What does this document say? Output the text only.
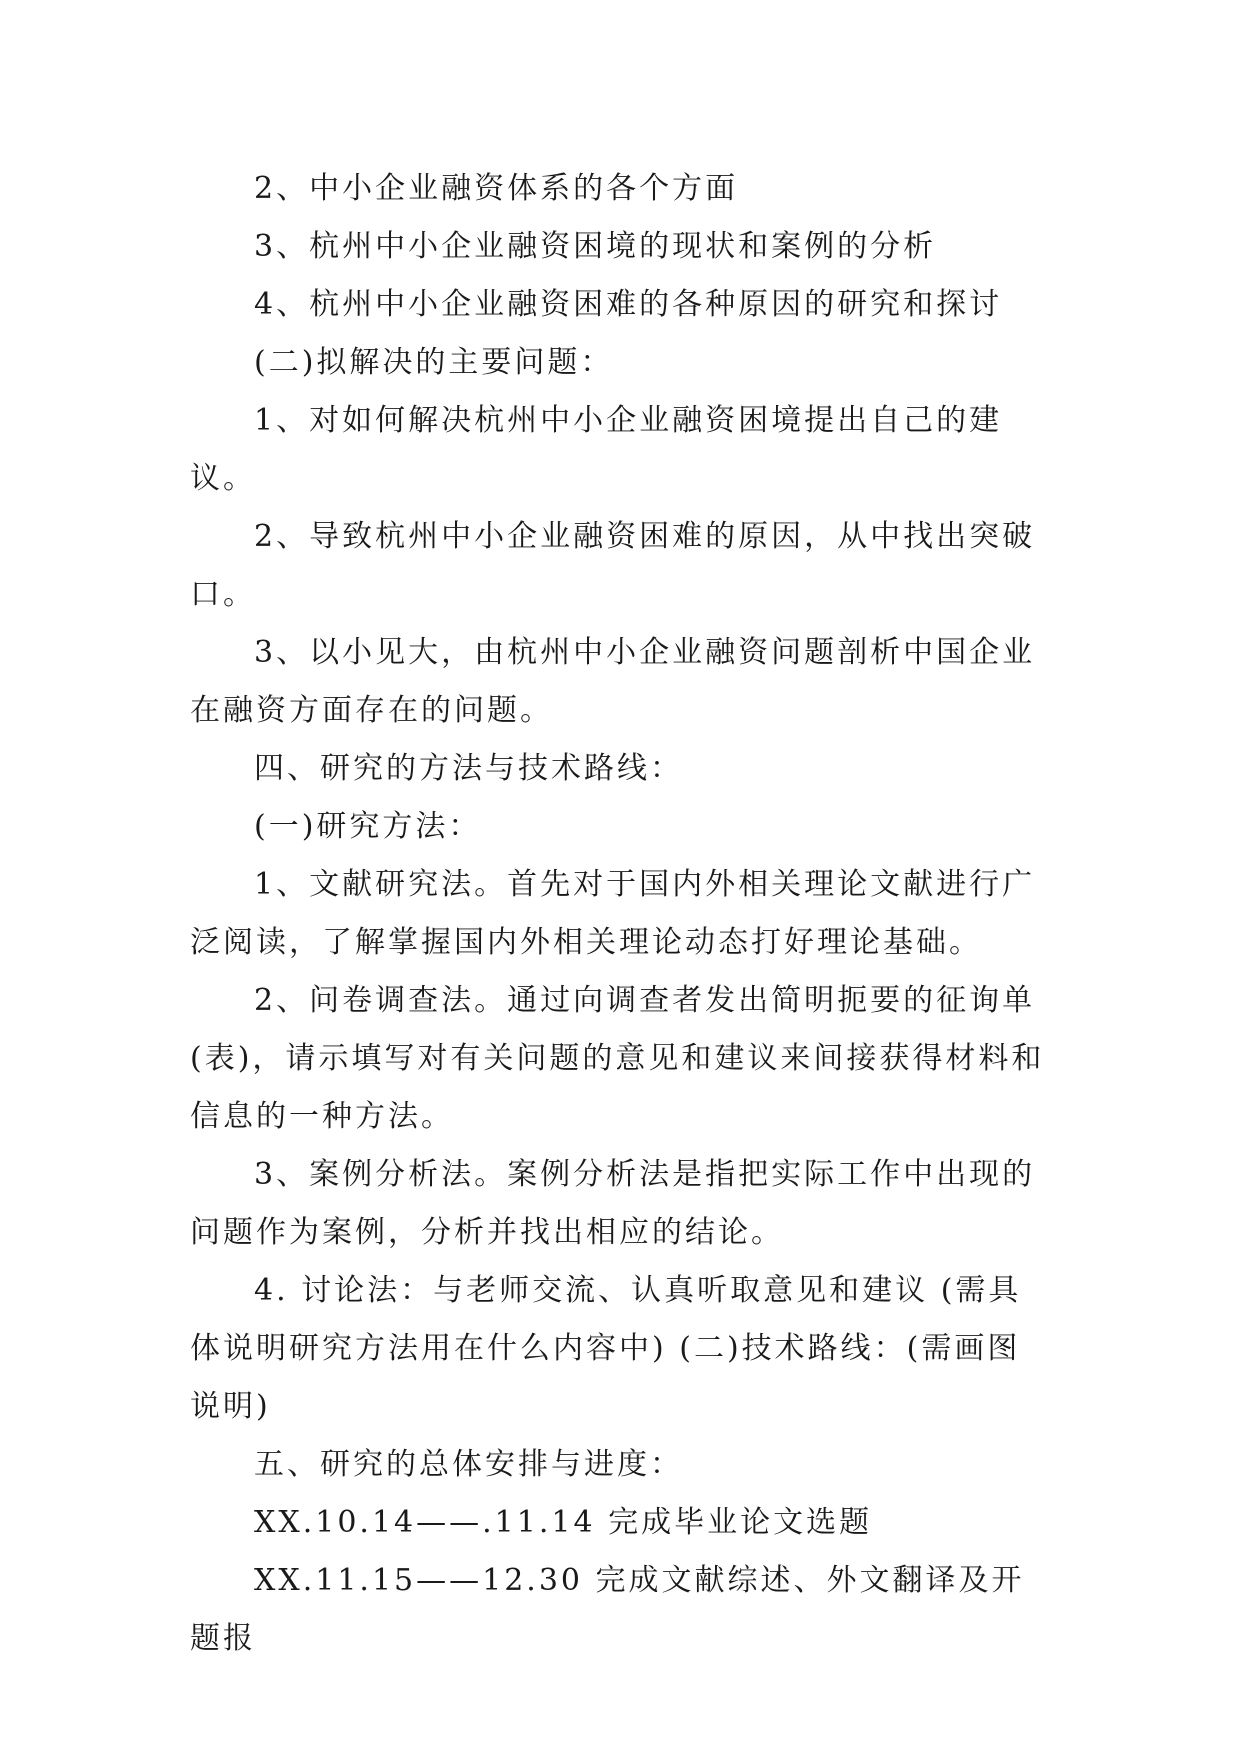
2、中小企业融资体系的各个方面

3、杭州中小企业融资困境的现状和案例的分析

4、杭州中小企业融资困难的各种原因的研究和探讨

(二)拟解决的主要问题：

1、对如何解决杭州中小企业融资困境提出自己的建议。

2、导致杭州中小企业融资困难的原因，从中找出突破口。

3、以小见大，由杭州中小企业融资问题剖析中国企业在融资方面存在的问题。

四、研究的方法与技术路线：

(一)研究方法：

1、文献研究法。首先对于国内外相关理论文献进行广泛阅读，了解掌握国内外相关理论动态打好理论基础。

2、问卷调查法。通过向调查者发出简明扼要的征询单(表)，请示填写对有关问题的意见和建议来间接获得材料和信息的一种方法。

3、案例分析法。案例分析法是指把实际工作中出现的问题作为案例，分析并找出相应的结论。

4. 讨论法：与老师交流、认真听取意见和建议 (需具体说明研究方法用在什么内容中) (二)技术路线：(需画图说明)

五、研究的总体安排与进度：

XX.10.14——.11.14 完成毕业论文选题

XX.11.15——12.30 完成文献综述、外文翻译及开题报
